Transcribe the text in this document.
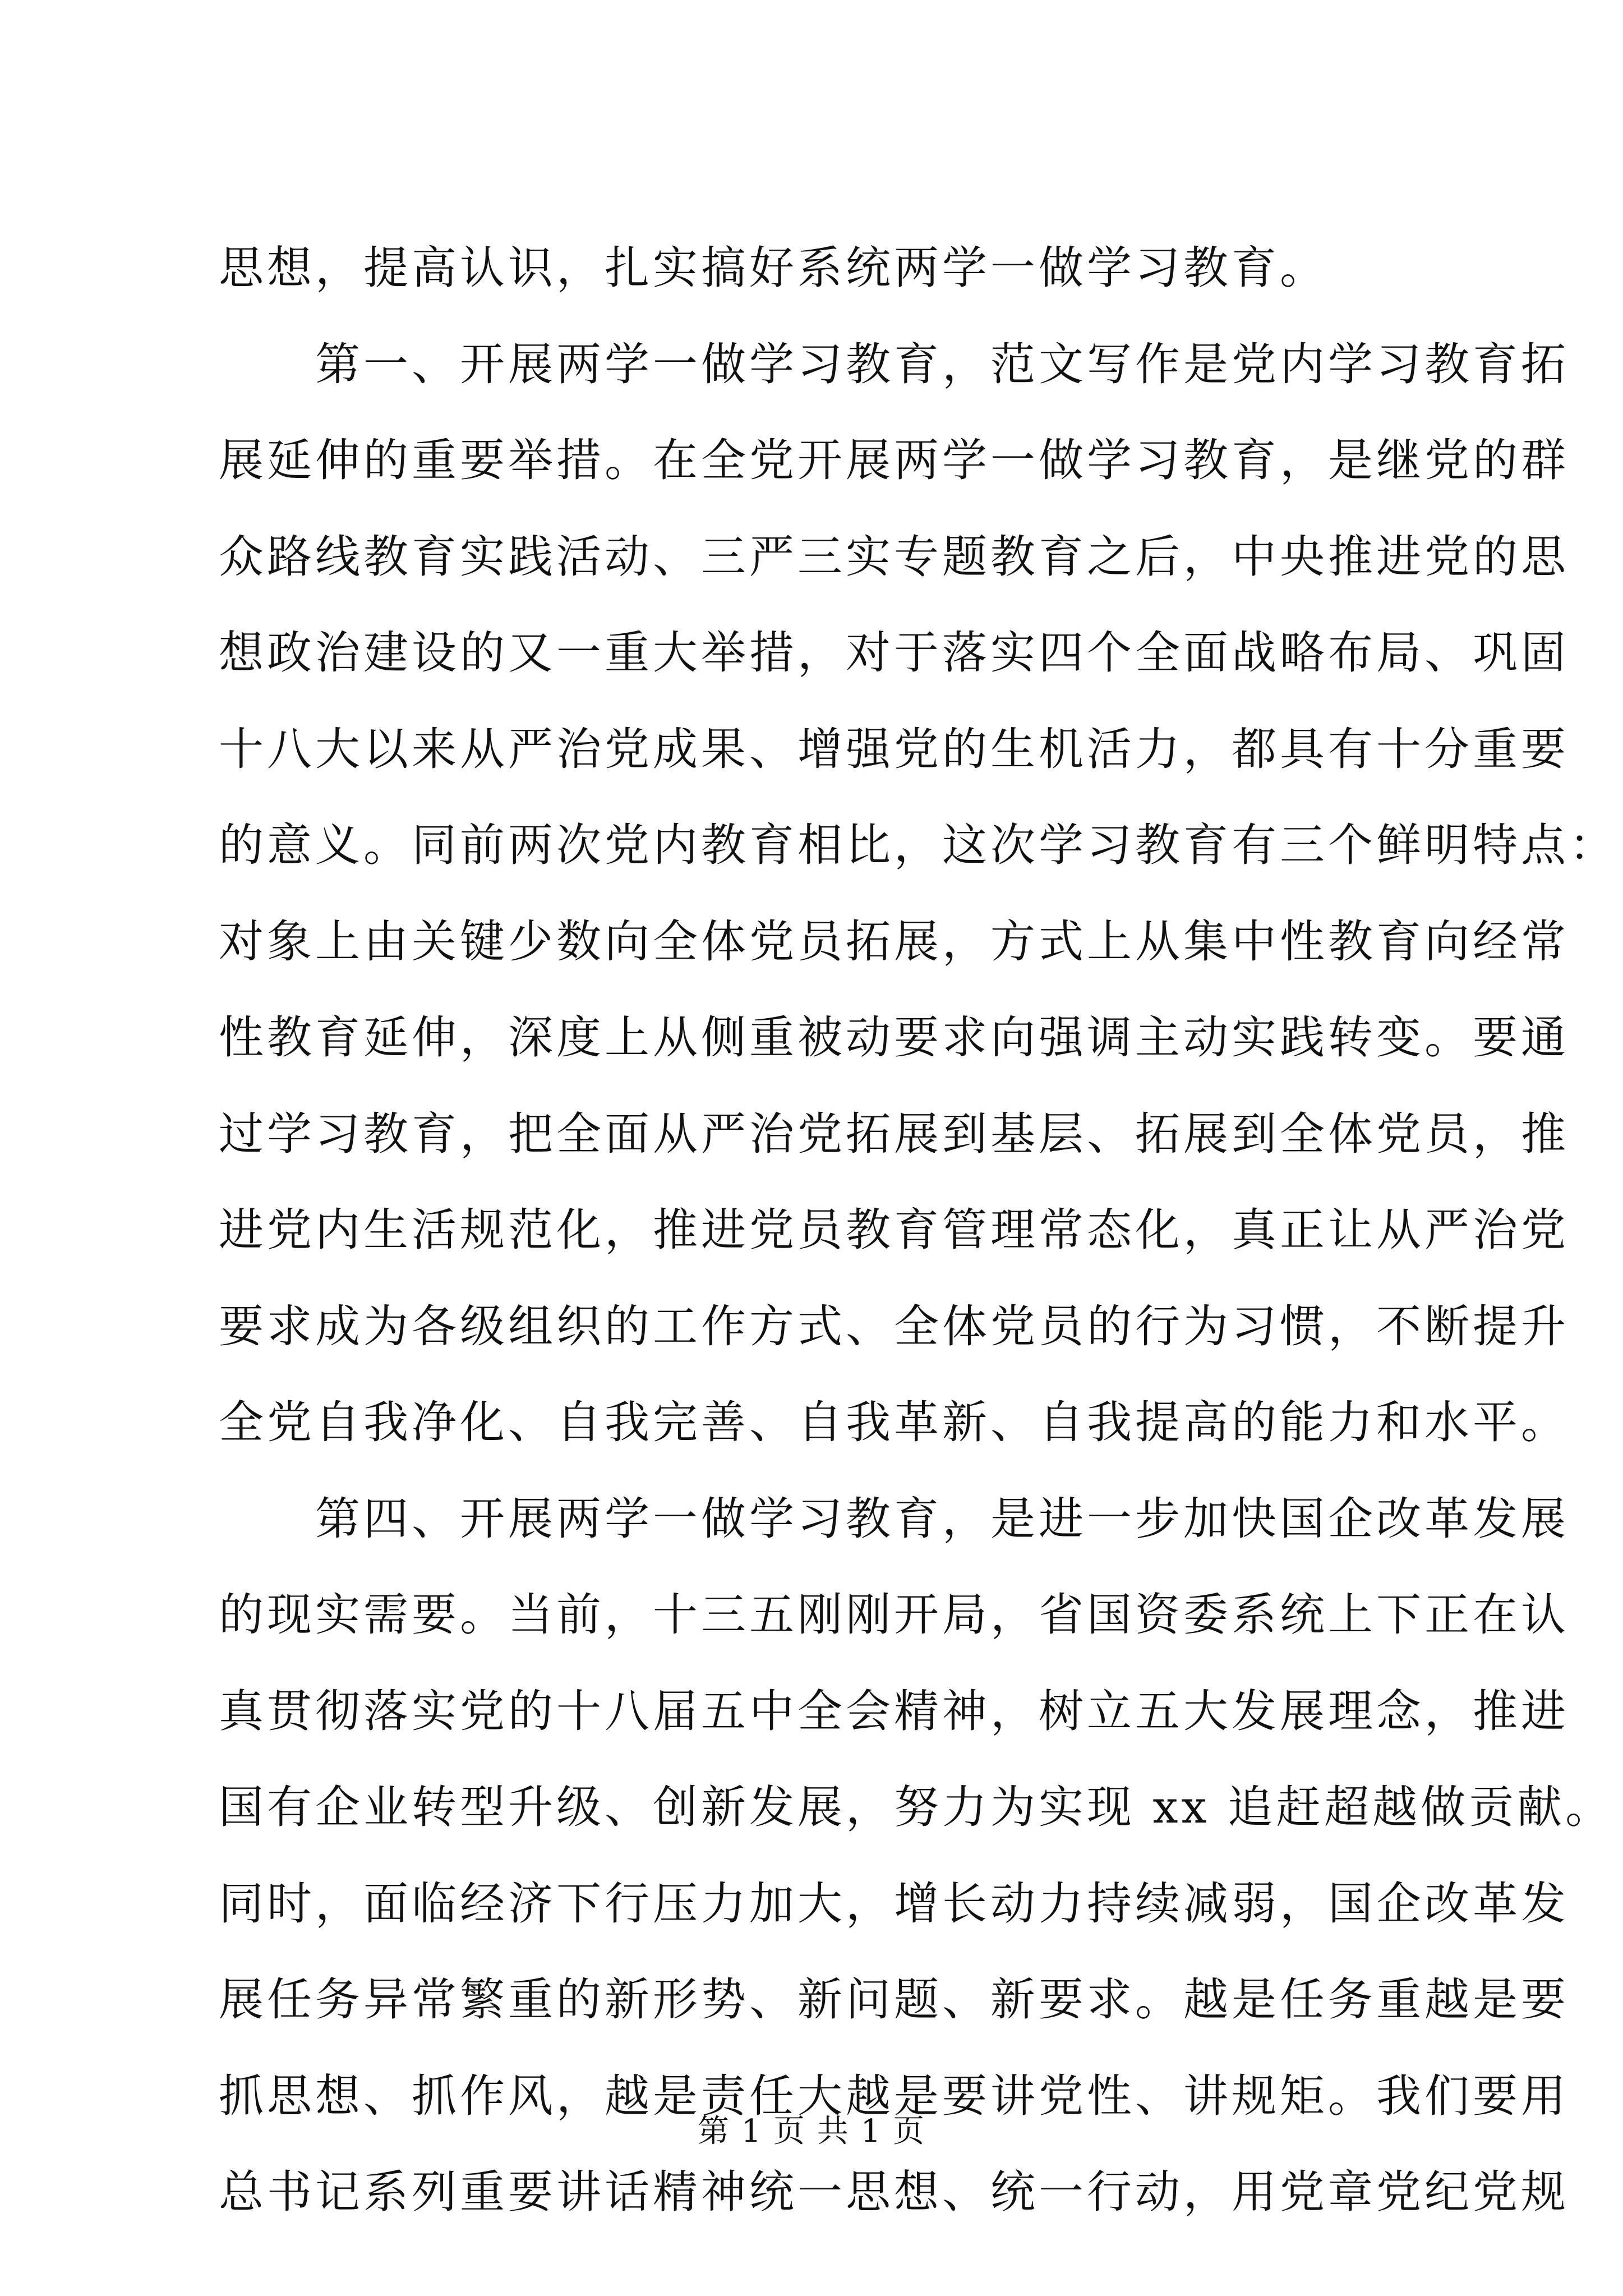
思想，提高认识，扎实搞好系统两学一做学习教育。
　　第一、开展两学一做学习教育，范文写作是党内学习教育拓
展延伸的重要举措。在全党开展两学一做学习教育，是继党的群
众路线教育实践活动、三严三实专题教育之后，中央推进党的思
想政治建设的又一重大举措，对于落实四个全面战略布局、巩固
十八大以来从严治党成果、增强党的生机活力，都具有十分重要
的意义。同前两次党内教育相比，这次学习教育有三个鲜明特点：
对象上由关键少数向全体党员拓展，方式上从集中性教育向经常
性教育延伸，深度上从侧重被动要求向强调主动实践转变。要通
过学习教育，把全面从严治党拓展到基层、拓展到全体党员，推
进党内生活规范化，推进党员教育管理常态化，真正让从严治党
要求成为各级组织的工作方式、全体党员的行为习惯，不断提升
全党自我净化、自我完善、自我革新、自我提高的能力和水平。
　　第四、开展两学一做学习教育，是进一步加快国企改革发展
的现实需要。当前，十三五刚刚开局，省国资委系统上下正在认
真贯彻落实党的十八届五中全会精神，树立五大发展理念，推进
国有企业转型升级、创新发展，努力为实现 xx 追赶超越做贡献。
同时，面临经济下行压力加大，增长动力持续减弱，国企改革发
展任务异常繁重的新形势、新问题、新要求。越是任务重越是要
抓思想、抓作风，越是责任大越是要讲党性、讲规矩。我们要用
总书记系列重要讲话精神统一思想、统一行动，用党章党纪党规
第 1 页 共 1 页
